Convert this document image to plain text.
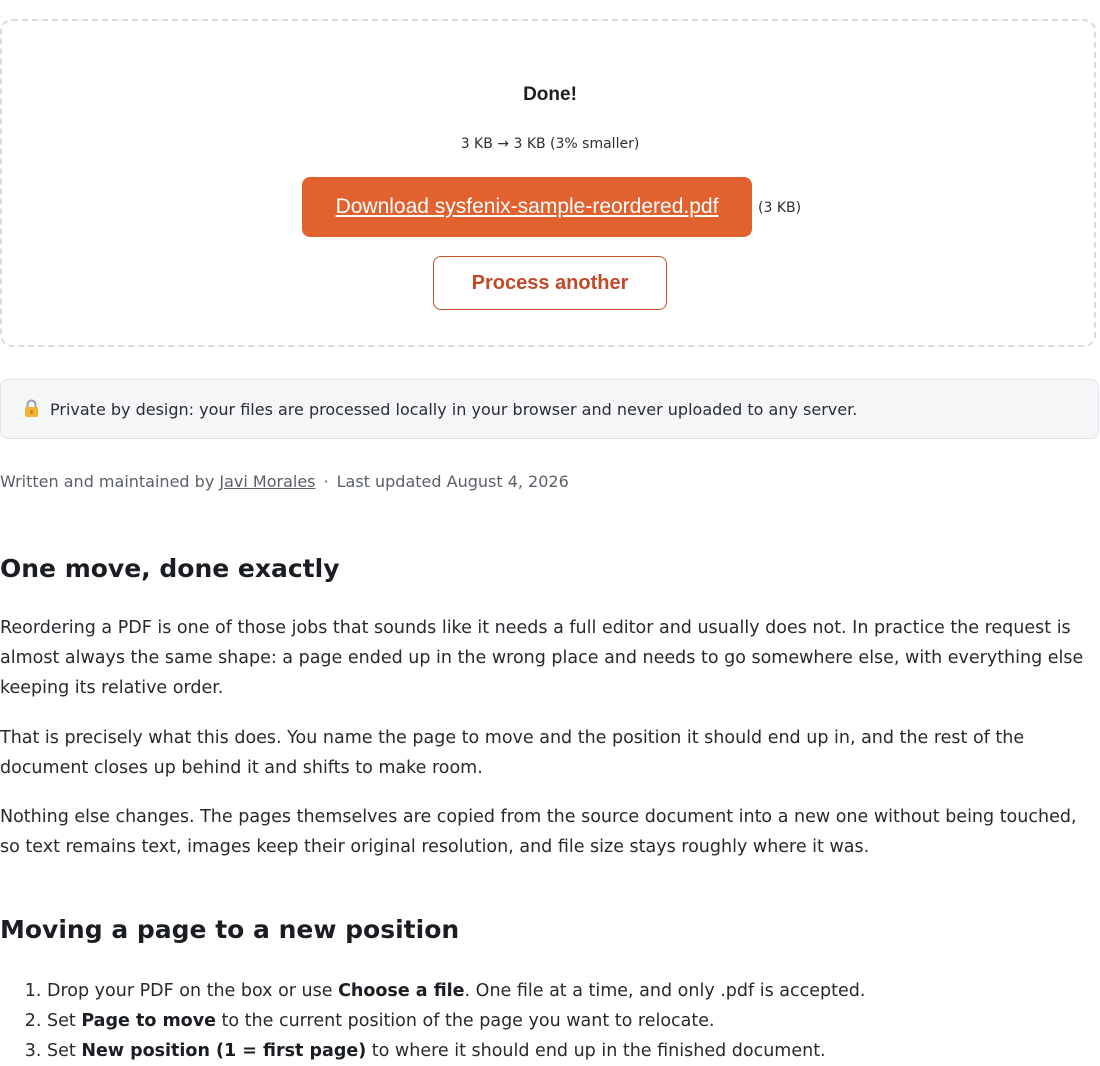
Done!
3 KB → 3 KB (3% smaller)
Download sysfenix-sample-reordered.pdf	(3 KB)
Process another
Private by design: your files are processed locally in your browser and never uploaded to any server.
Written and maintained by Javi Morales · Last updated August 4, 2026
One move, done exactly

Reordering a PDF is one of those jobs that sounds like it needs a full editor and usually does not. In practice the request is almost always the same shape: a page ended up in the wrong place and needs to go somewhere else, with everything else keeping its relative order.

That is precisely what this does. You name the page to move and the position it should end up in, and the rest of the document closes up behind it and shifts to make room.

Nothing else changes. The pages themselves are copied from the source document into a new one without being touched, so text remains text, images keep their original resolution, and file size stays roughly where it was.

Moving a page to a new position
1. Drop your PDF on the box or use Choose a file. One file at a time, and only .pdf is accepted.
2. Set Page to move to the current position of the page you want to relocate.
3. Set New position (1 = first page) to where it should end up in the finished document.
